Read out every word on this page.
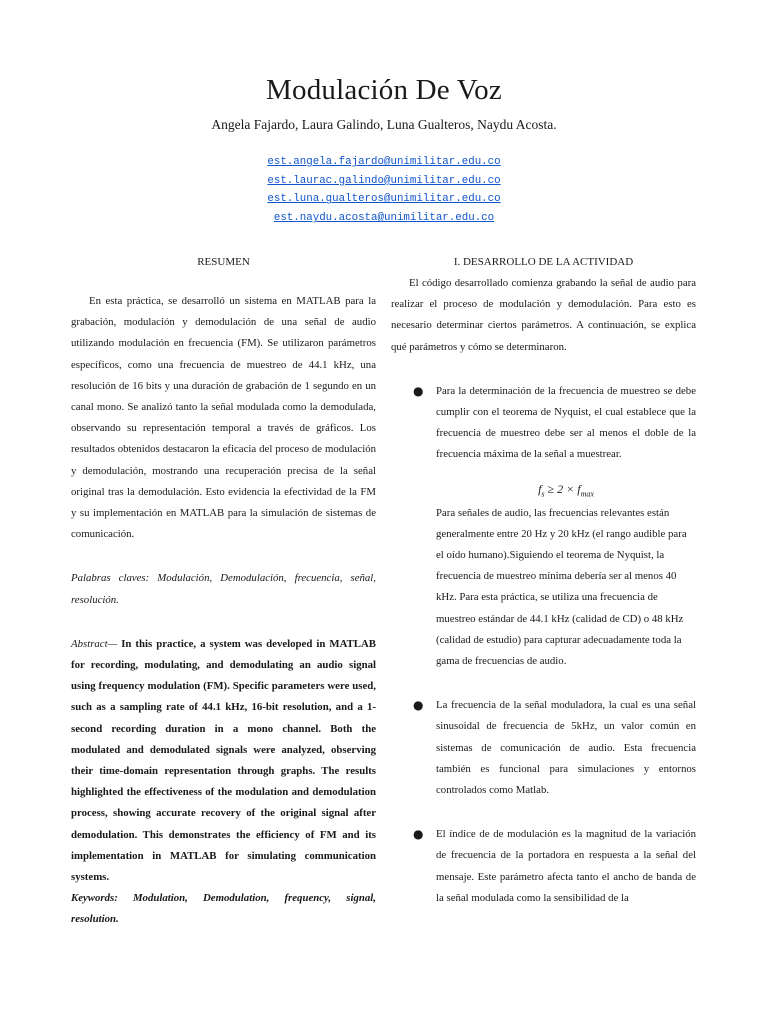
Modulación De Voz
Angela Fajardo, Laura Galindo, Luna Gualteros, Naydu Acosta.
est.angela.fajardo@unimilitar.edu.co
est.laurac.galindo@unimilitar.edu.co
est.luna.gualteros@unimilitar.edu.co
est.naydu.acosta@unimilitar.edu.co
RESUMEN

En esta práctica, se desarrolló un sistema en MATLAB para la grabación, modulación y demodulación de una señal de audio utilizando modulación en frecuencia (FM). Se utilizaron parámetros específicos, como una frecuencia de muestreo de 44.1 kHz, una resolución de 16 bits y una duración de grabación de 1 segundo en un canal mono. Se analizó tanto la señal modulada como la demodulada, observando su representación temporal a través de gráficos. Los resultados obtenidos destacaron la eficacia del proceso de modulación y demodulación, mostrando una recuperación precisa de la señal original tras la demodulación. Esto evidencia la efectividad de la FM y su implementación en MATLAB para la simulación de sistemas de comunicación.

Palabras claves: Modulación, Demodulación, frecuencia, señal, resolución.

Abstract— In this practice, a system was developed in MATLAB for recording, modulating, and demodulating an audio signal using frequency modulation (FM). Specific parameters were used, such as a sampling rate of 44.1 kHz, 16-bit resolution, and a 1-second recording duration in a mono channel. Both the modulated and demodulated signals were analyzed, observing their time-domain representation through graphs. The results highlighted the effectiveness of the modulation and demodulation process, showing accurate recovery of the original signal after demodulation. This demonstrates the efficiency of FM and its implementation in MATLAB for simulating communication systems.

Keywords: Modulation, Demodulation, frequency, signal, resolution.

I. DESARROLLO DE LA ACTIVIDAD

El código desarrollado comienza grabando la señal de audio para realizar el proceso de modulación y demodulación. Para esto es necesario determinar ciertos parámetros. A continuación, se explica qué parámetros y cómo se determinaron.

● Para la determinación de la frecuencia de muestreo se debe cumplir con el teorema de Nyquist, el cual establece que la frecuencia de muestreo debe ser al menos el doble de la frecuencia máxima de la señal a muestrear.

$f_s \ge 2 \times f_{max}$

Para señales de audio, las frecuencias relevantes están generalmente entre 20 Hz y 20 kHz (el rango audible para el oído humano).Siguiendo el teorema de Nyquist, la frecuencia de muestreo mínima debería ser al menos 40 kHz. Para esta práctica, se utiliza una frecuencia de muestreo estándar de 44.1 kHz (calidad de CD) o 48 kHz (calidad de estudio) para capturar adecuadamente toda la gama de frecuencias de audio.

● La frecuencia de la señal moduladora, la cual es una señal sinusoidal de frecuencia de 5kHz, un valor común en sistemas de comunicación de audio. Esta frecuencia también es funcional para simulaciones y entornos controlados como Matlab.

● El índice de de modulación es la magnitud de la variación de frecuencia de la portadora en respuesta a la señal del mensaje. Este parámetro afecta tanto el ancho de banda de la señal modulada como la sensibilidad de la
